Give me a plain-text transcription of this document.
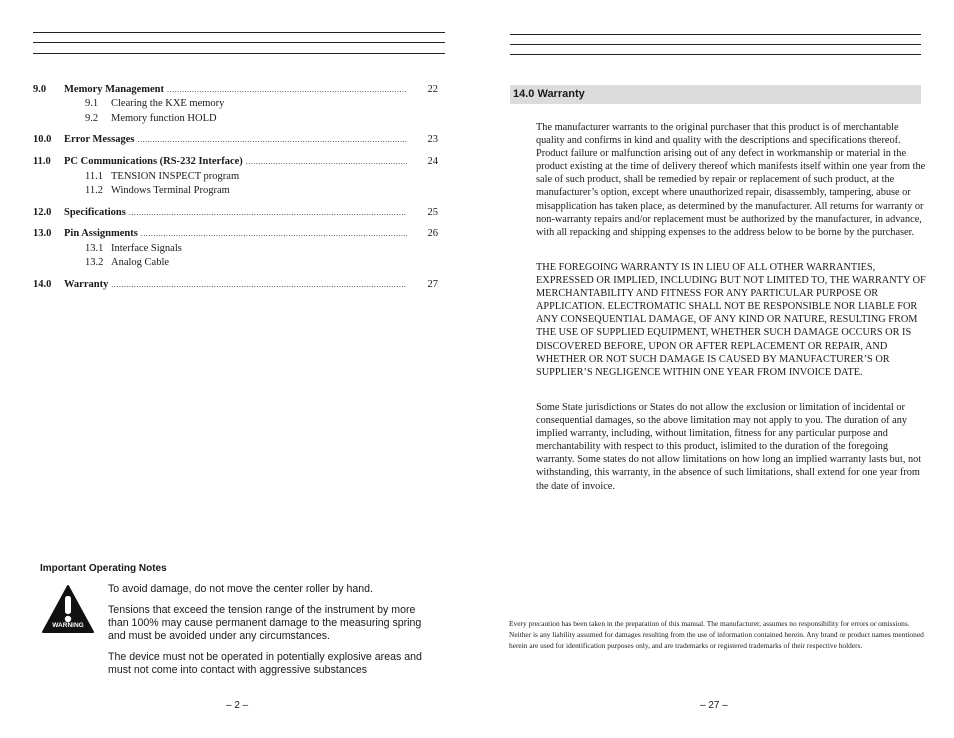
9.0	Memory Management .....	22
9.1 Clearing the KXE memory
9.2 Memory function HOLD
10.0	Error Messages .....	23
11.0	PC Communications (RS-232 Interface) .....	24
11.1 TENSION INSPECT program
11.2 Windows Terminal Program
12.0	Specifications .....	25
13.0	Pin Assignments .....	26
13.1 Interface Signals
13.2 Analog Cable
14.0	Warranty .....	27
Important Operating Notes
WARNING
To avoid damage, do not move the center roller by hand.
Tensions that exceed the tension range of the instrument by more than 100% may cause permanent damage to the measuring spring and must be avoided under any circumstances.
The device must not be operated in potentially explosive areas and must not come into contact with aggressive substances
– 2 –
14.0 Warranty
The manufacturer warrants to the original purchaser that this product is of merchantable quality and confirms in kind and quality with the descriptions and specifications thereof. Product failure or malfunction arising out of any defect in workmanship or material in the product existing at the time of delivery thereof which manifests itself within one year from the sale of such product, shall be remedied by repair or replacement of such product, at the manufacturer’s option, except where unauthorized repair, disassembly, tampering, abuse or misapplication has taken place, as determined by the manufacturer. All returns for warranty or non-warranty repairs and/or replacement must be authorized by the manufacturer, in advance, with all repacking and shipping expenses to the address below to be borne by the purchaser.
THE FOREGOING WARRANTY IS IN LIEU OF ALL OTHER WARRANTIES, EXPRESSED OR IMPLIED, INCLUDING BUT NOT LIMITED TO, THE WARRANTY OF MERCHANTABILITY AND FITNESS FOR ANY PARTICULAR PURPOSE OR APPLICATION. ELECTROMATIC SHALL NOT BE RESPONSIBLE NOR LIABLE FOR ANY CONSEQUENTIAL DAMAGE, OF ANY KIND OR NATURE, RESULTING FROM THE USE OF SUPPLIED EQUIPMENT, WHETHER SUCH DAMAGE OCCURS OR IS DISCOVERED BEFORE, UPON OR AFTER REPLACEMENT OR REPAIR, AND WHETHER OR NOT SUCH DAMAGE IS CAUSED BY MANUFACTURER’S OR SUPPLIER’S NEGLIGENCE WITHIN ONE YEAR FROM INVOICE DATE.
Some State jurisdictions or States do not allow the exclusion or limitation of incidental or consequential damages, so the above limitation may not apply to you. The duration of any implied warranty, including, without limitation, fitness for any particular purpose and merchantability with respect to this product, islimited to the duration of the foregoing warranty. Some states do not allow limitations on how long an implied warranty lasts but, not withstanding, this warranty, in the absence of such limitations, shall extend for one year from the date of invoice.
Every precaution has been taken in the preparation of this manual. The manufacturer, assumes no responsibility for errors or omissions. Neither is any liability assumed for damages resulting from the use of information contained herein. Any brand or product names mentioned herein are used for identification purposes only, and are trademarks or registered trademarks of their respective holders.
– 27 –
